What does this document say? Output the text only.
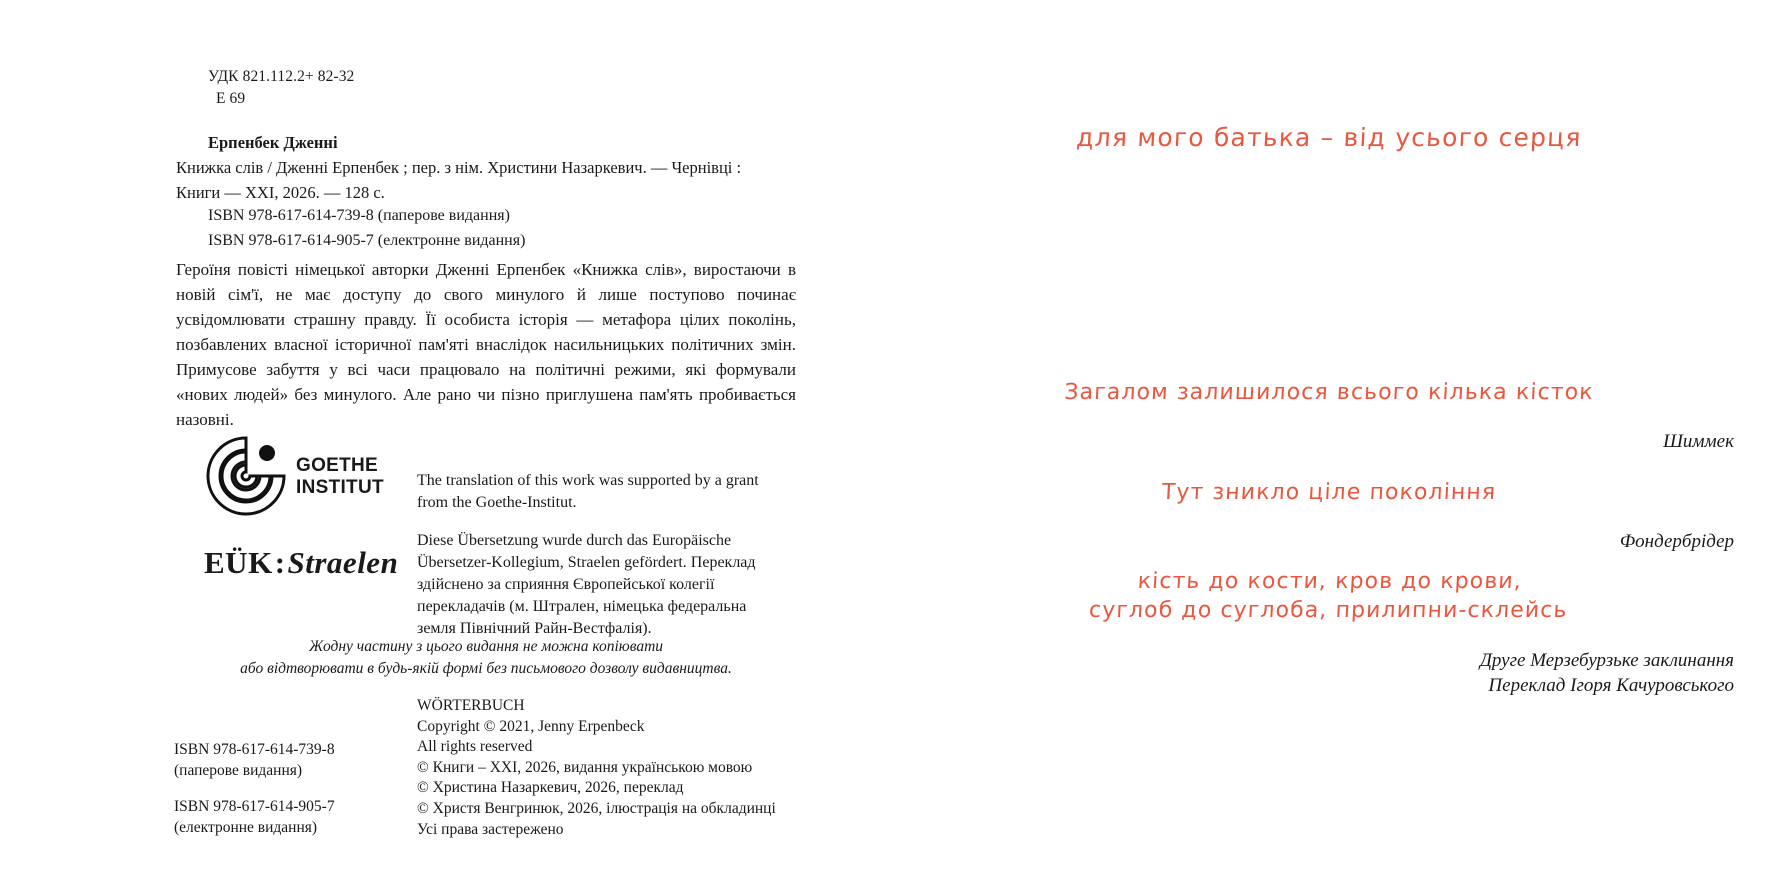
УДК 821.112.2+ 82-32
Е 69
Ерпенбек Дженні
Книжка слів / Дженні Ерпенбек ; пер. з нім. Христини Назаркевич. — Чернівці :
Книги — XXI, 2026. — 128 с.
ISBN 978-617-614-739-8 (паперове видання)
ISBN 978-617-614-905-7 (електронне видання)
Героїня повісті німецької авторки Дженні Ерпенбек «Книжка слів», виростаючи в новій сім'ї, не має доступу до свого минулого й лише поступово починає усвідомлювати страшну правду. Її особиста історія — метафора цілих поколінь, позбавлених власної історичної пам'яті внаслідок насильницьких політичних змін. Примусове забуття у всі часи працювало на політичні режими, які формували «нових людей» без минулого. Але рано чи пізно приглушена пам'ять пробивається назовні.
GOETHE
INSTITUT
EÜK:Straelen

The translation of this work was supported by a grant from the Goethe-Institut.

Diese Übersetzung wurde durch das Europäische Übersetzer-Kollegium, Straelen gefördert. Переклад здійснено за сприяння Європейської колегії перекладачів (м. Штрален, німецька федеральна земля Північний Райн-Вестфалія).

Жодну частину з цього видання не можна копіювати
або відтворювати в будь-якій формі без письмового дозволу видавництва.
WÖRTERBUCH
Copyright © 2021, Jenny Erpenbeck
All rights reserved
© Книги – XXI, 2026, видання українською мовою
© Христина Назаркевич, 2026, переклад
© Христя Венгринюк, 2026, ілюстрація на обкладинці
Усі права застережено
ISBN 978-617-614-739-8
(паперове видання)
ISBN 978-617-614-905-7
(електронне видання)
для мого батька – від усього серця
Загалом залишилося всього кілька кісток
Шиммек
Тут зникло ціле покоління
Фондербрідер
кість до кости, кров до крови,
суглоб до суглоба, прилипни-склейсь
Друге Мерзебурзьке заклинання
Переклад Ігоря Качуровського
